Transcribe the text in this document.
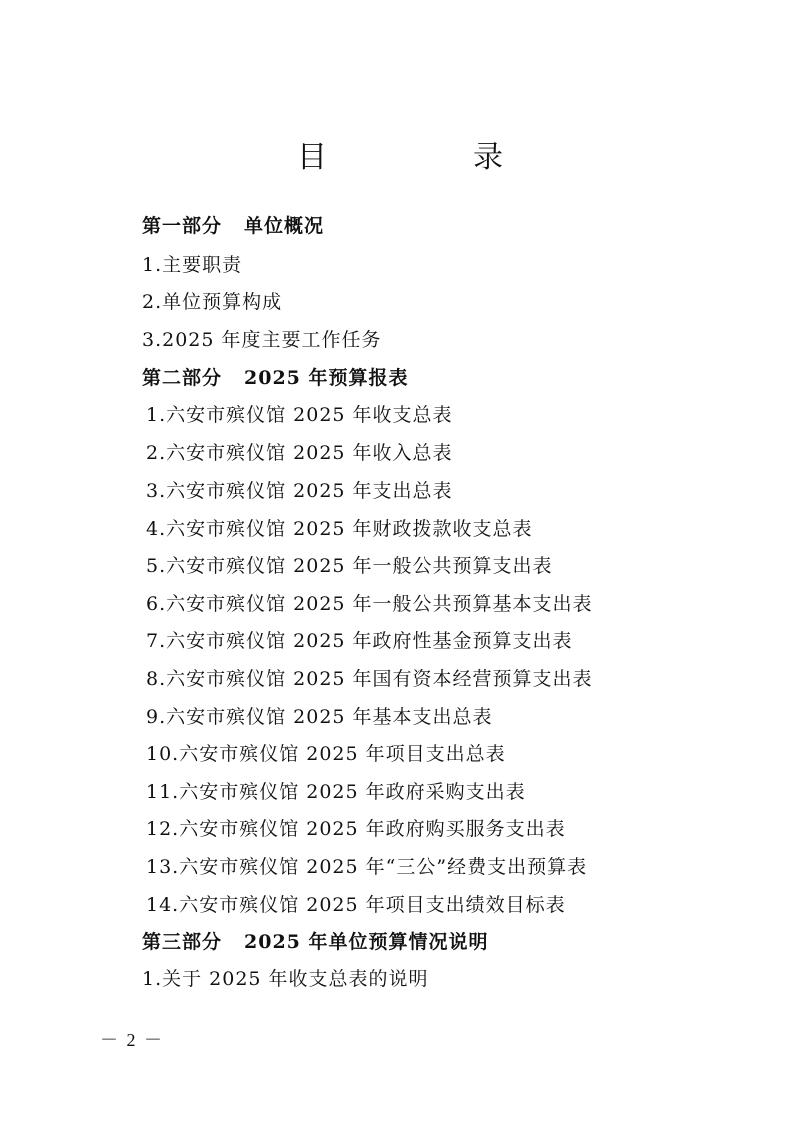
目　录
第一部分 单位概况
1.主要职责
2.单位预算构成
3.2025 年度主要工作任务
第二部分 2025 年预算报表
1.六安市殡仪馆 2025 年收支总表
2.六安市殡仪馆 2025 年收入总表
3.六安市殡仪馆 2025 年支出总表
4.六安市殡仪馆 2025 年财政拨款收支总表
5.六安市殡仪馆 2025 年一般公共预算支出表
6.六安市殡仪馆 2025 年一般公共预算基本支出表
7.六安市殡仪馆 2025 年政府性基金预算支出表
8.六安市殡仪馆 2025 年国有资本经营预算支出表
9.六安市殡仪馆 2025 年基本支出总表
10.六安市殡仪馆 2025 年项目支出总表
11.六安市殡仪馆 2025 年政府采购支出表
12.六安市殡仪馆 2025 年政府购买服务支出表
13.六安市殡仪馆 2025 年“三公”经费支出预算表
14.六安市殡仪馆 2025 年项目支出绩效目标表
第三部分 2025 年单位预算情况说明
1.关于 2025 年收支总表的说明
－ 2 －
